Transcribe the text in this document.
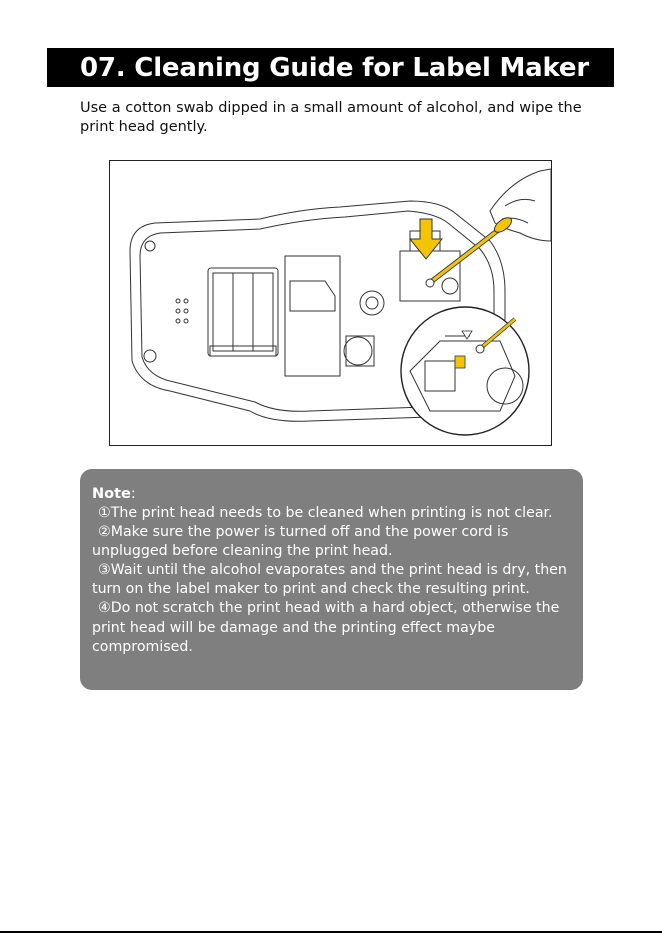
07. Cleaning Guide for Label Maker

Use a cotton swab dipped in a small amount of alcohol, and wipe the print head gently.

Note:

①The print head needs to be cleaned when printing is not clear.

②Make sure the power is turned off and the power cord is unplugged before cleaning the print head.

③Wait until the alcohol evaporates and the print head is dry, then turn on the label maker to print and check the resulting print.

④Do not scratch the print head with a hard object, otherwise the print head will be damage and the printing effect maybe compromised.
